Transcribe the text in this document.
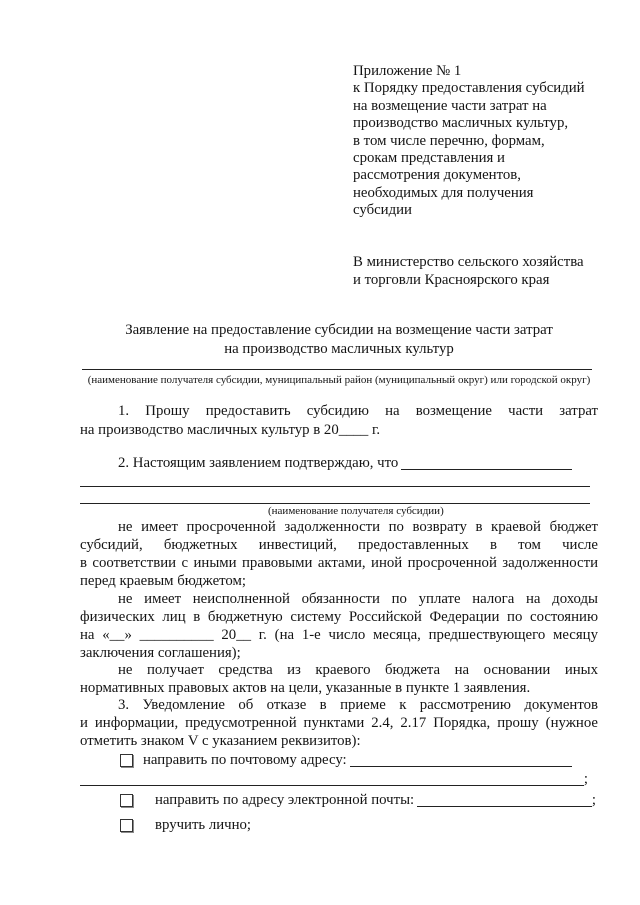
Приложение № 1
к Порядку предоставления субсидий
на возмещение части затрат на
производство масличных культур,
в том числе перечню, формам,
срокам представления и
рассмотрения документов,
необходимых для получения
субсидии
В министерство сельского хозяйства
и торговли Красноярского края
Заявление на предоставление субсидии на возмещение части затрат
на производство масличных культур
(наименование получателя субсидии, муниципальный район (муниципальный округ) или городской округ)
1. Прошу предоставить субсидию на возмещение части затрат
на производство масличных культур в 20____ г.
2. Настоящим заявлением подтверждаю, что
(наименование получателя субсидии)
не имеет просроченной задолженности по возврату в краевой бюджет
субсидий, бюджетных инвестиций, предоставленных в том числе
в соответствии с иными правовыми актами, иной просроченной задолженности
перед краевым бюджетом;
не имеет неисполненной обязанности по уплате налога на доходы
физических лиц в бюджетную систему Российской Федерации по состоянию
на «__» __________ 20__ г. (на 1-е число месяца, предшествующего месяцу
заключения соглашения);
не получает средства из краевого бюджета на основании иных
нормативных правовых актов на цели, указанные в пункте 1 заявления.
3. Уведомление об отказе в приеме к рассмотрению документов
и информации, предусмотренной пунктами 2.4, 2.17 Порядка, прошу (нужное
отметить знаком V с указанием реквизитов):
направить по почтовому адресу:
;
направить по адресу электронной почты:	;
вручить лично;
